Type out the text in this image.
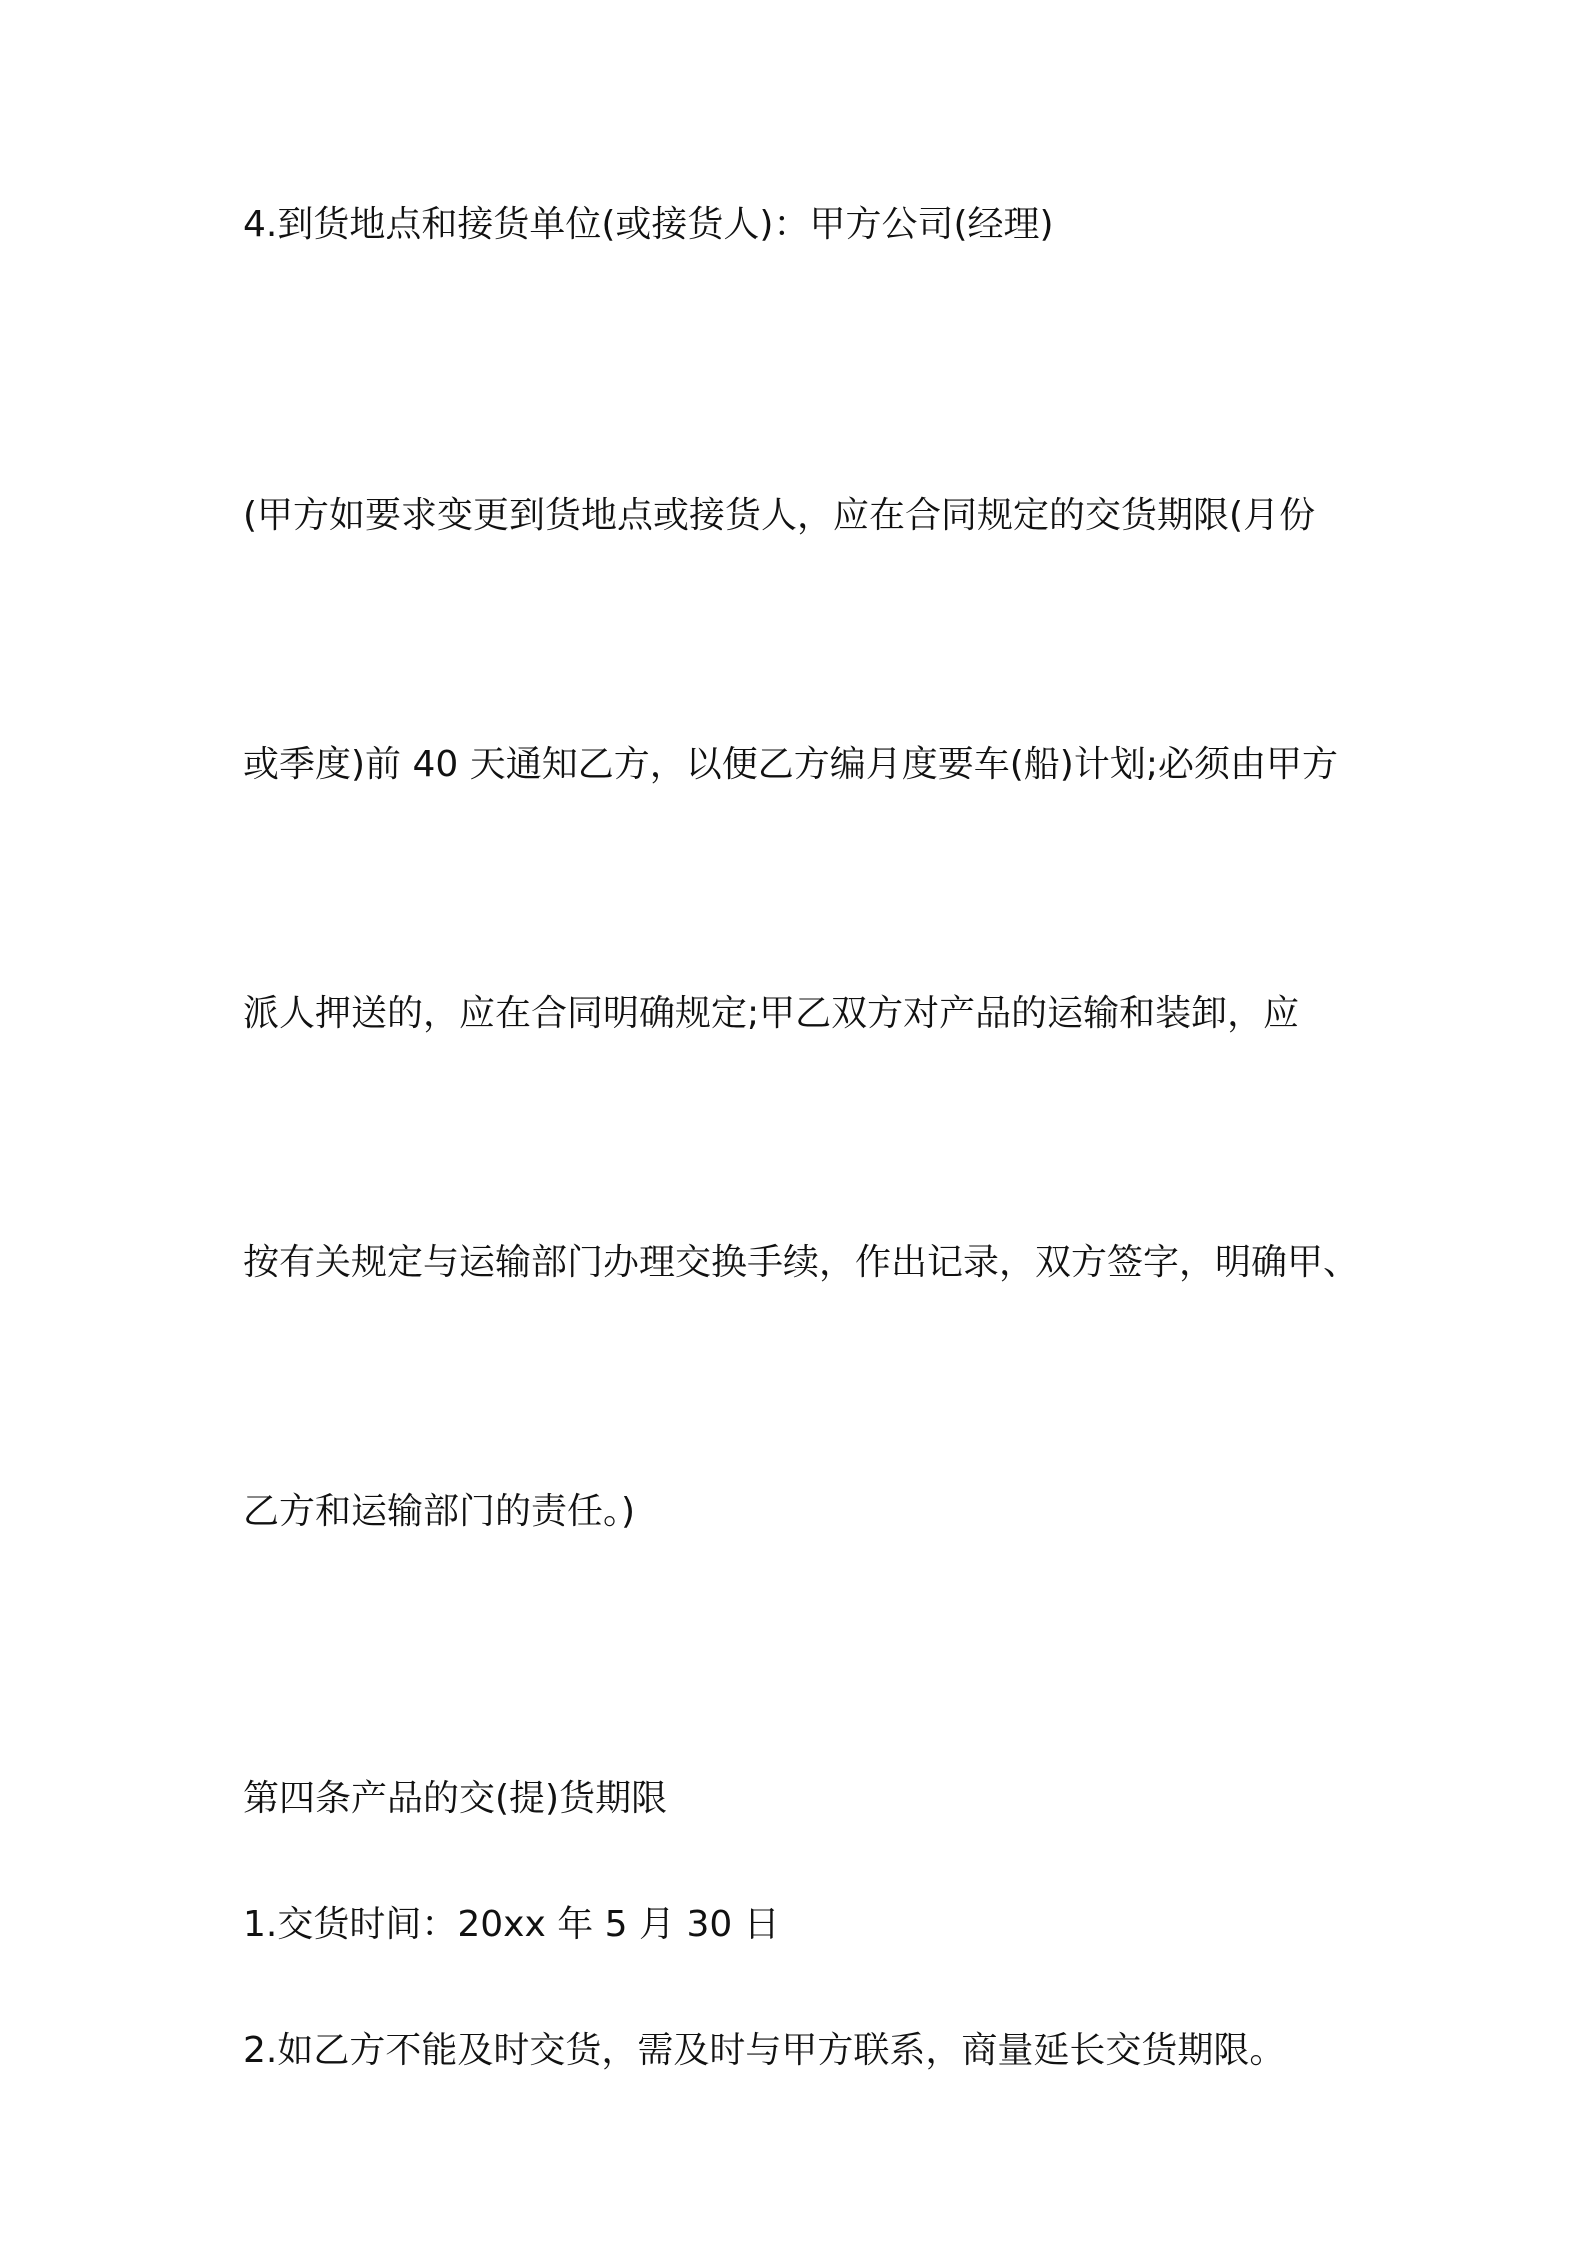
4.到货地点和接货单位(或接货人)：甲方公司(经理)

(甲方如要求变更到货地点或接货人，应在合同规定的交货期限(月份

或季度)前 40 天通知乙方，以便乙方编月度要车(船)计划;必须由甲方

派人押送的，应在合同明确规定;甲乙双方对产品的运输和装卸，应

按有关规定与运输部门办理交换手续，作出记录，双方签字，明确甲、

乙方和运输部门的责任。)

第四条产品的交(提)货期限

1.交货时间：20xx 年 5 月 30 日

2.如乙方不能及时交货，需及时与甲方联系，商量延长交货期限。
